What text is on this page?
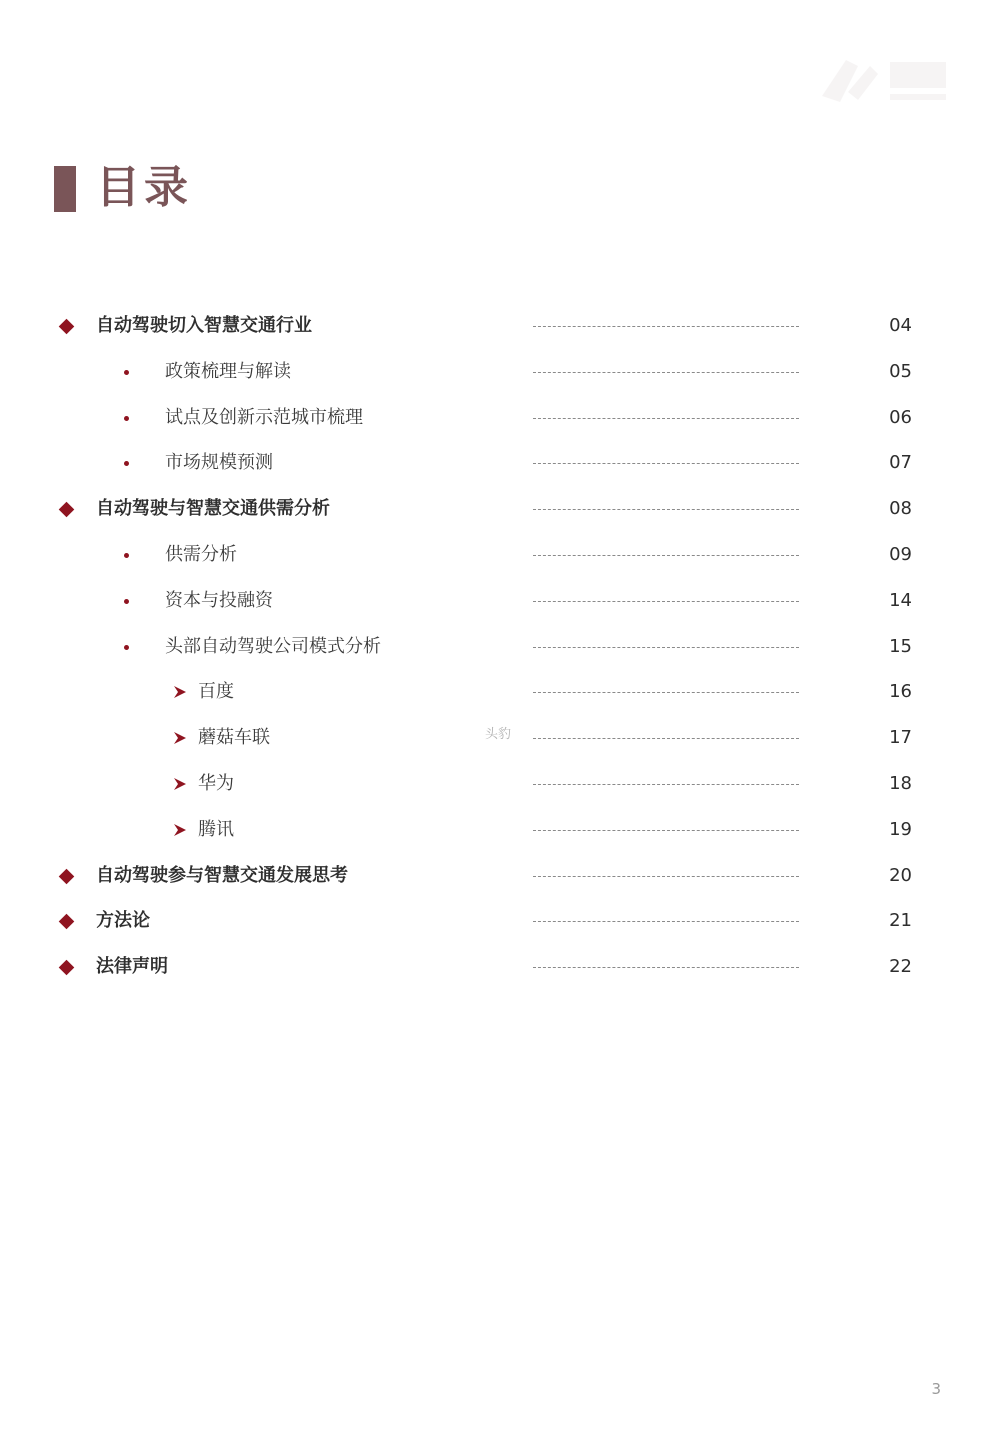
目录
自动驾驶切入智慧交通行业	04
政策梳理与解读	05
试点及创新示范城市梳理	06
市场规模预测	07
自动驾驶与智慧交通供需分析	08
供需分析	09
资本与投融资	14
头部自动驾驶公司模式分析	15
百度	16
蘑菇车联	17
华为	18
腾讯	19
自动驾驶参与智慧交通发展思考	20
方法论	21
法律声明	22
头豹
3
